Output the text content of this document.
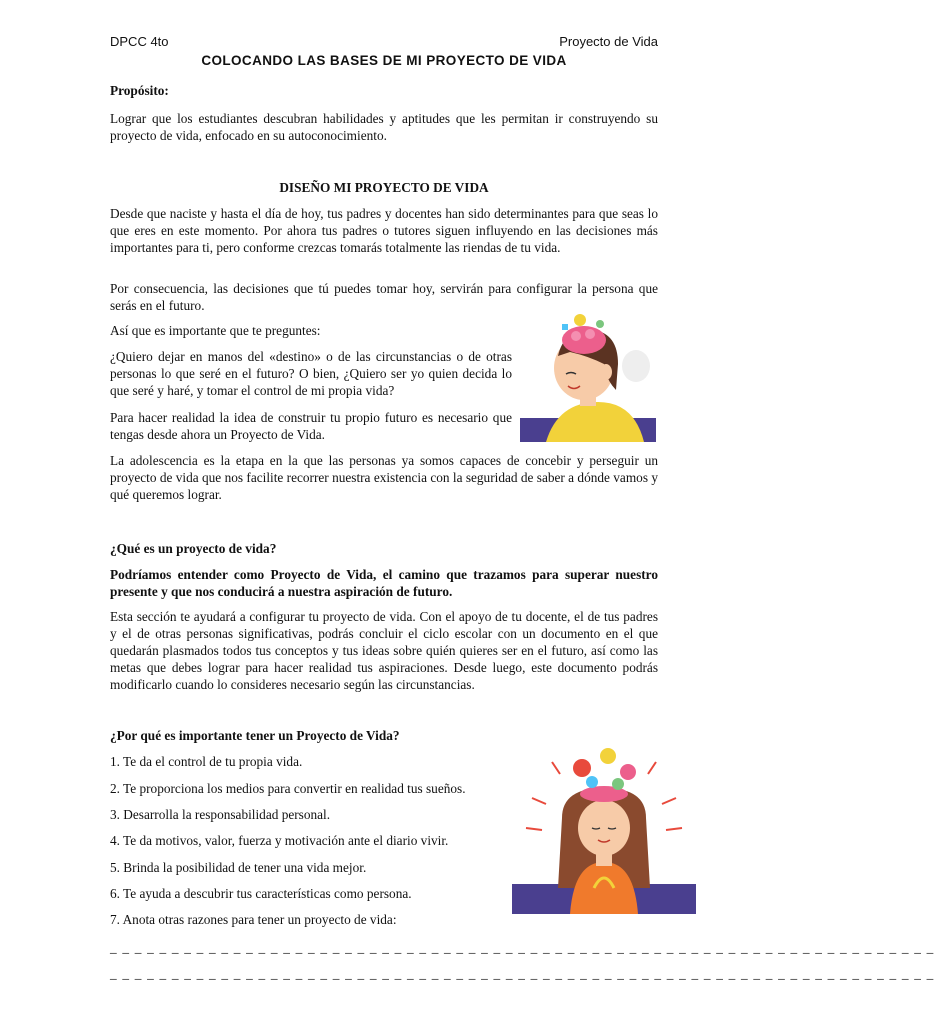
DPCC 4to	Proyecto de Vida
COLOCANDO LAS BASES DE MI PROYECTO DE VIDA

Propósito:

Lograr que los estudiantes descubran habilidades y aptitudes que les permitan ir construyendo su proyecto de vida, enfocado en su autoconocimiento.

DISEÑO MI PROYECTO DE VIDA

Desde que naciste y hasta el día de hoy, tus padres y docentes han sido determinantes para que seas lo que eres en este momento. Por ahora tus padres o tutores siguen influyendo en las decisiones más importantes para ti, pero conforme crezcas tomarás totalmente las riendas de tu vida.

Por consecuencia, las decisiones que tú puedes tomar hoy, servirán para configurar la persona que serás en el futuro.

Así que es importante que te preguntes:

¿Quiero dejar en manos del «destino» o de las circunstancias o de otras personas lo que seré en el futuro? O bien, ¿Quiero ser yo quien decida lo que seré y haré, y tomar el control de mi propia vida?

Para hacer realidad la idea de construir tu propio futuro es necesario que tengas desde ahora un Proyecto de Vida.

La adolescencia es la etapa en la que las personas ya somos capaces de concebir y perseguir un proyecto de vida que nos facilite recorrer nuestra existencia con la seguridad de saber a dónde vamos y qué queremos lograr.

¿Qué es un proyecto de vida?

Podríamos entender como Proyecto de Vida, el camino que trazamos para superar nuestro presente y que nos conducirá a nuestra aspiración de futuro.

Esta sección te ayudará a configurar tu proyecto de vida. Con el apoyo de tu docente, el de tus padres y el de otras personas significativas, podrás concluir el ciclo escolar con un documento en el que quedarán plasmados todos tus conceptos y tus ideas sobre quién quieres ser en el futuro, así como las metas que debes lograr para hacer realidad tus aspiraciones. Desde luego, este documento podrás modificarlo cuando lo consideres necesario según las circunstancias.

¿Por qué es importante tener un Proyecto de Vida?

1. Te da el control de tu propia vida.

2. Te proporciona los medios para convertir en realidad tus sueños.

3. Desarrolla la responsabilidad personal.

4. Te da motivos, valor, fuerza y motivación ante el diario vivir.

5. Brinda la posibilidad de tener una vida mejor.

6. Te ayuda a descubrir tus características como persona.

7. Anota otras razones para tener un proyecto de vida:

_ _ _ _ _ _ _ _ _ _ _ _ _ _ _ _ _ _ _ _ _ _ _ _ _ _ _ _ _ _ _ _ _ _ _ _ _ _ _ _ _ _ _ _ _ _ _ _ _ _ _ _ _ _ _ _ _ _ _ _ _ _ _ _ _ _ _
_ _ _ _ _ _ _ _ _ _ _ _ _ _ _ _ _ _ _ _ _ _ _ _ _ _ _ _ _ _ _ _ _ _ _ _ _ _ _ _ _ _ _ _ _ _ _ _ _ _ _ _ _ _ _ _ _ _ _ _ _ _ _ _ _ _ _
